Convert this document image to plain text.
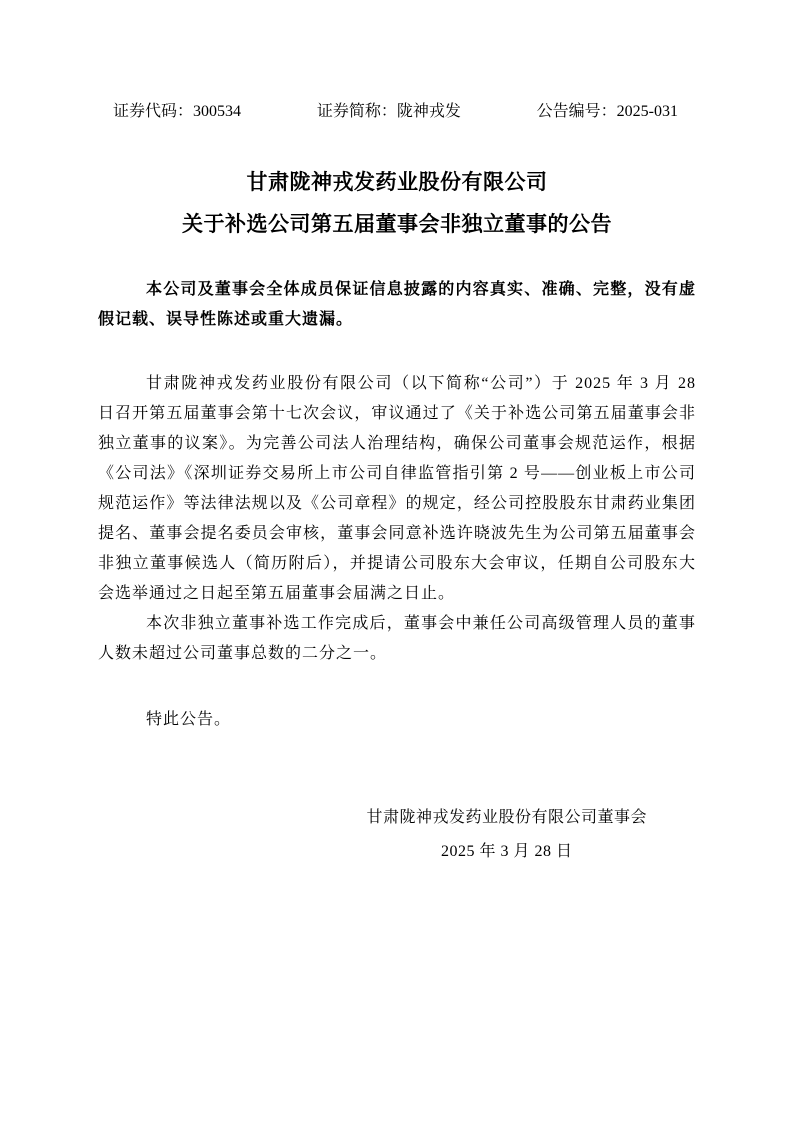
证券代码：300534	证券简称：陇神戎发	公告编号：2025-031
甘肃陇神戎发药业股份有限公司
关于补选公司第五届董事会非独立董事的公告

本公司及董事会全体成员保证信息披露的内容真实、准确、完整，没有虚假记载、误导性陈述或重大遗漏。

甘肃陇神戎发药业股份有限公司（以下简称“公司”）于 2025 年 3 月 28 日召开第五届董事会第十七次会议，审议通过了《关于补选公司第五届董事会非独立董事的议案》。为完善公司法人治理结构，确保公司董事会规范运作，根据《公司法》《深圳证券交易所上市公司自律监管指引第 2 号——创业板上市公司规范运作》等法律法规以及《公司章程》的规定，经公司控股股东甘肃药业集团提名、董事会提名委员会审核，董事会同意补选许晓波先生为公司第五届董事会非独立董事候选人（简历附后），并提请公司股东大会审议，任期自公司股东大会选举通过之日起至第五届董事会届满之日止。

本次非独立董事补选工作完成后，董事会中兼任公司高级管理人员的董事人数未超过公司董事总数的二分之一。

特此公告。

甘肃陇神戎发药业股份有限公司董事会
2025 年 3 月 28 日
